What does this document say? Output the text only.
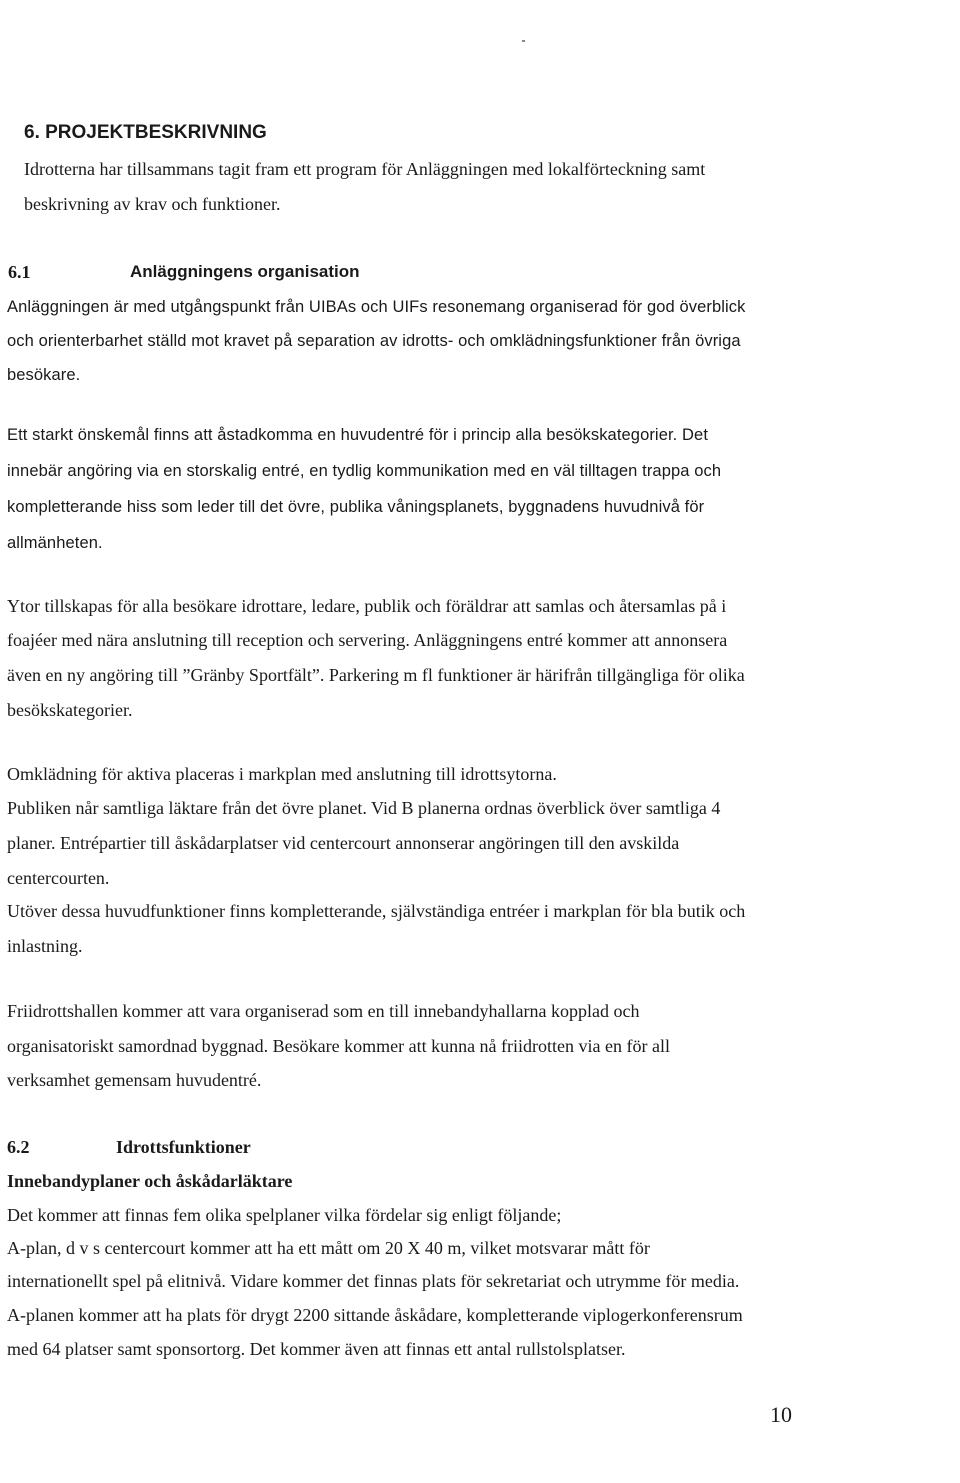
6. PROJEKTBESKRIVNING
Idrotterna har tillsammans tagit fram ett program för Anläggningen med lokalförteckning samt
beskrivning av krav och funktioner.
6.1	Anläggningens organisation
Anläggningen är med utgångspunkt från UIBAs och UIFs resonemang organiserad för god överblick
och orienterbarhet ställd mot kravet på separation av idrotts- och omklädningsfunktioner från övriga
besökare.
Ett starkt önskemål finns att åstadkomma en huvudentré för i princip alla besökskategorier. Det
innebär angöring via en storskalig entré, en tydlig kommunikation med en väl tilltagen trappa och
kompletterande hiss som leder till det övre, publika våningsplanets, byggnadens huvudnivå för
allmänheten.
Ytor tillskapas för alla besökare idrottare, ledare, publik och föräldrar att samlas och återsamlas på i
foajéer med nära anslutning till reception och servering. Anläggningens entré kommer att annonsera
även en ny angöring till ”Gränby Sportfält”. Parkering m fl funktioner är härifrån tillgängliga för olika
besökskategorier.
Omklädning för aktiva placeras i markplan med anslutning till idrottsytorna.
Publiken når samtliga läktare från det övre planet. Vid B planerna ordnas överblick över samtliga 4
planer. Entrépartier till åskådarplatser vid centercourt annonserar angöringen till den avskilda
centercourten.
Utöver dessa huvudfunktioner finns kompletterande, självständiga entréer i markplan för bla butik och
inlastning.
Friidrottshallen kommer att vara organiserad som en till innebandyhallarna kopplad och
organisatoriskt samordnad byggnad. Besökare kommer att kunna nå friidrotten via en för all
verksamhet gemensam huvudentré.
6.2	Idrottsfunktioner
Innebandyplaner och åskådarläktare
Det kommer att finnas fem olika spelplaner vilka fördelar sig enligt följande;
A-plan, d v s centercourt kommer att ha ett mått om 20 X 40 m, vilket motsvarar mått för
internationellt spel på elitnivå. Vidare kommer det finnas plats för sekretariat och utrymme för media.
A-planen kommer att ha plats för drygt 2200 sittande åskådare, kompletterande viplogerkonferensrum
med 64 platser samt sponsortorg. Det kommer även att finnas ett antal rullstolsplatser.
10
